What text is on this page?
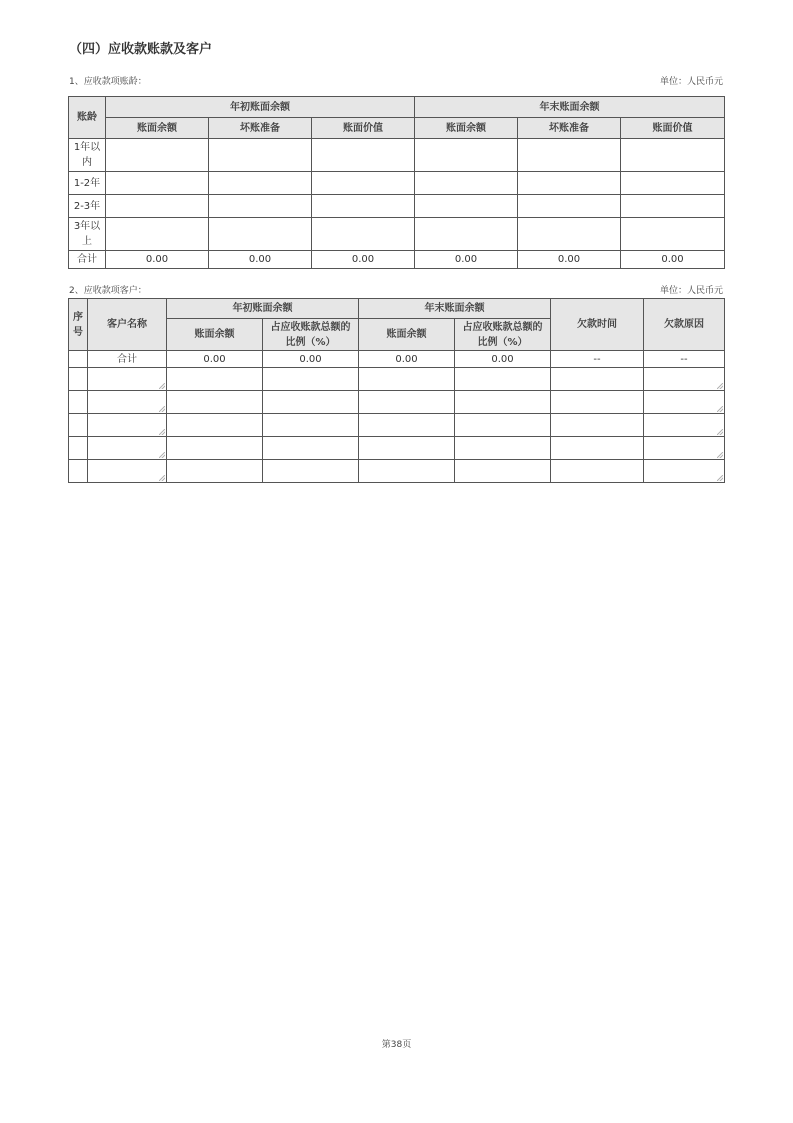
（四）应收款账款及客户
1、应收款项账龄：	单位：人民币元
账龄	年初账面余额			年末账面余额		
	账面余额	坏账准备	账面价值	账面余额	坏账准备	账面价值
1年以内						
1-2年						
2-3年						
3年以上						
合计	0.00	0.00	0.00	0.00	0.00	0.00
2、应收款项客户：	单位：人民币元
序号	客户名称	年初账面余额		年末账面余额		欠款时间	欠款原因
		账面余额	占应收账款总额的比例（%）	账面余额	占应收账款总额的比例（%）		
	合计	0.00	0.00	0.00	0.00	--	--

第38页
